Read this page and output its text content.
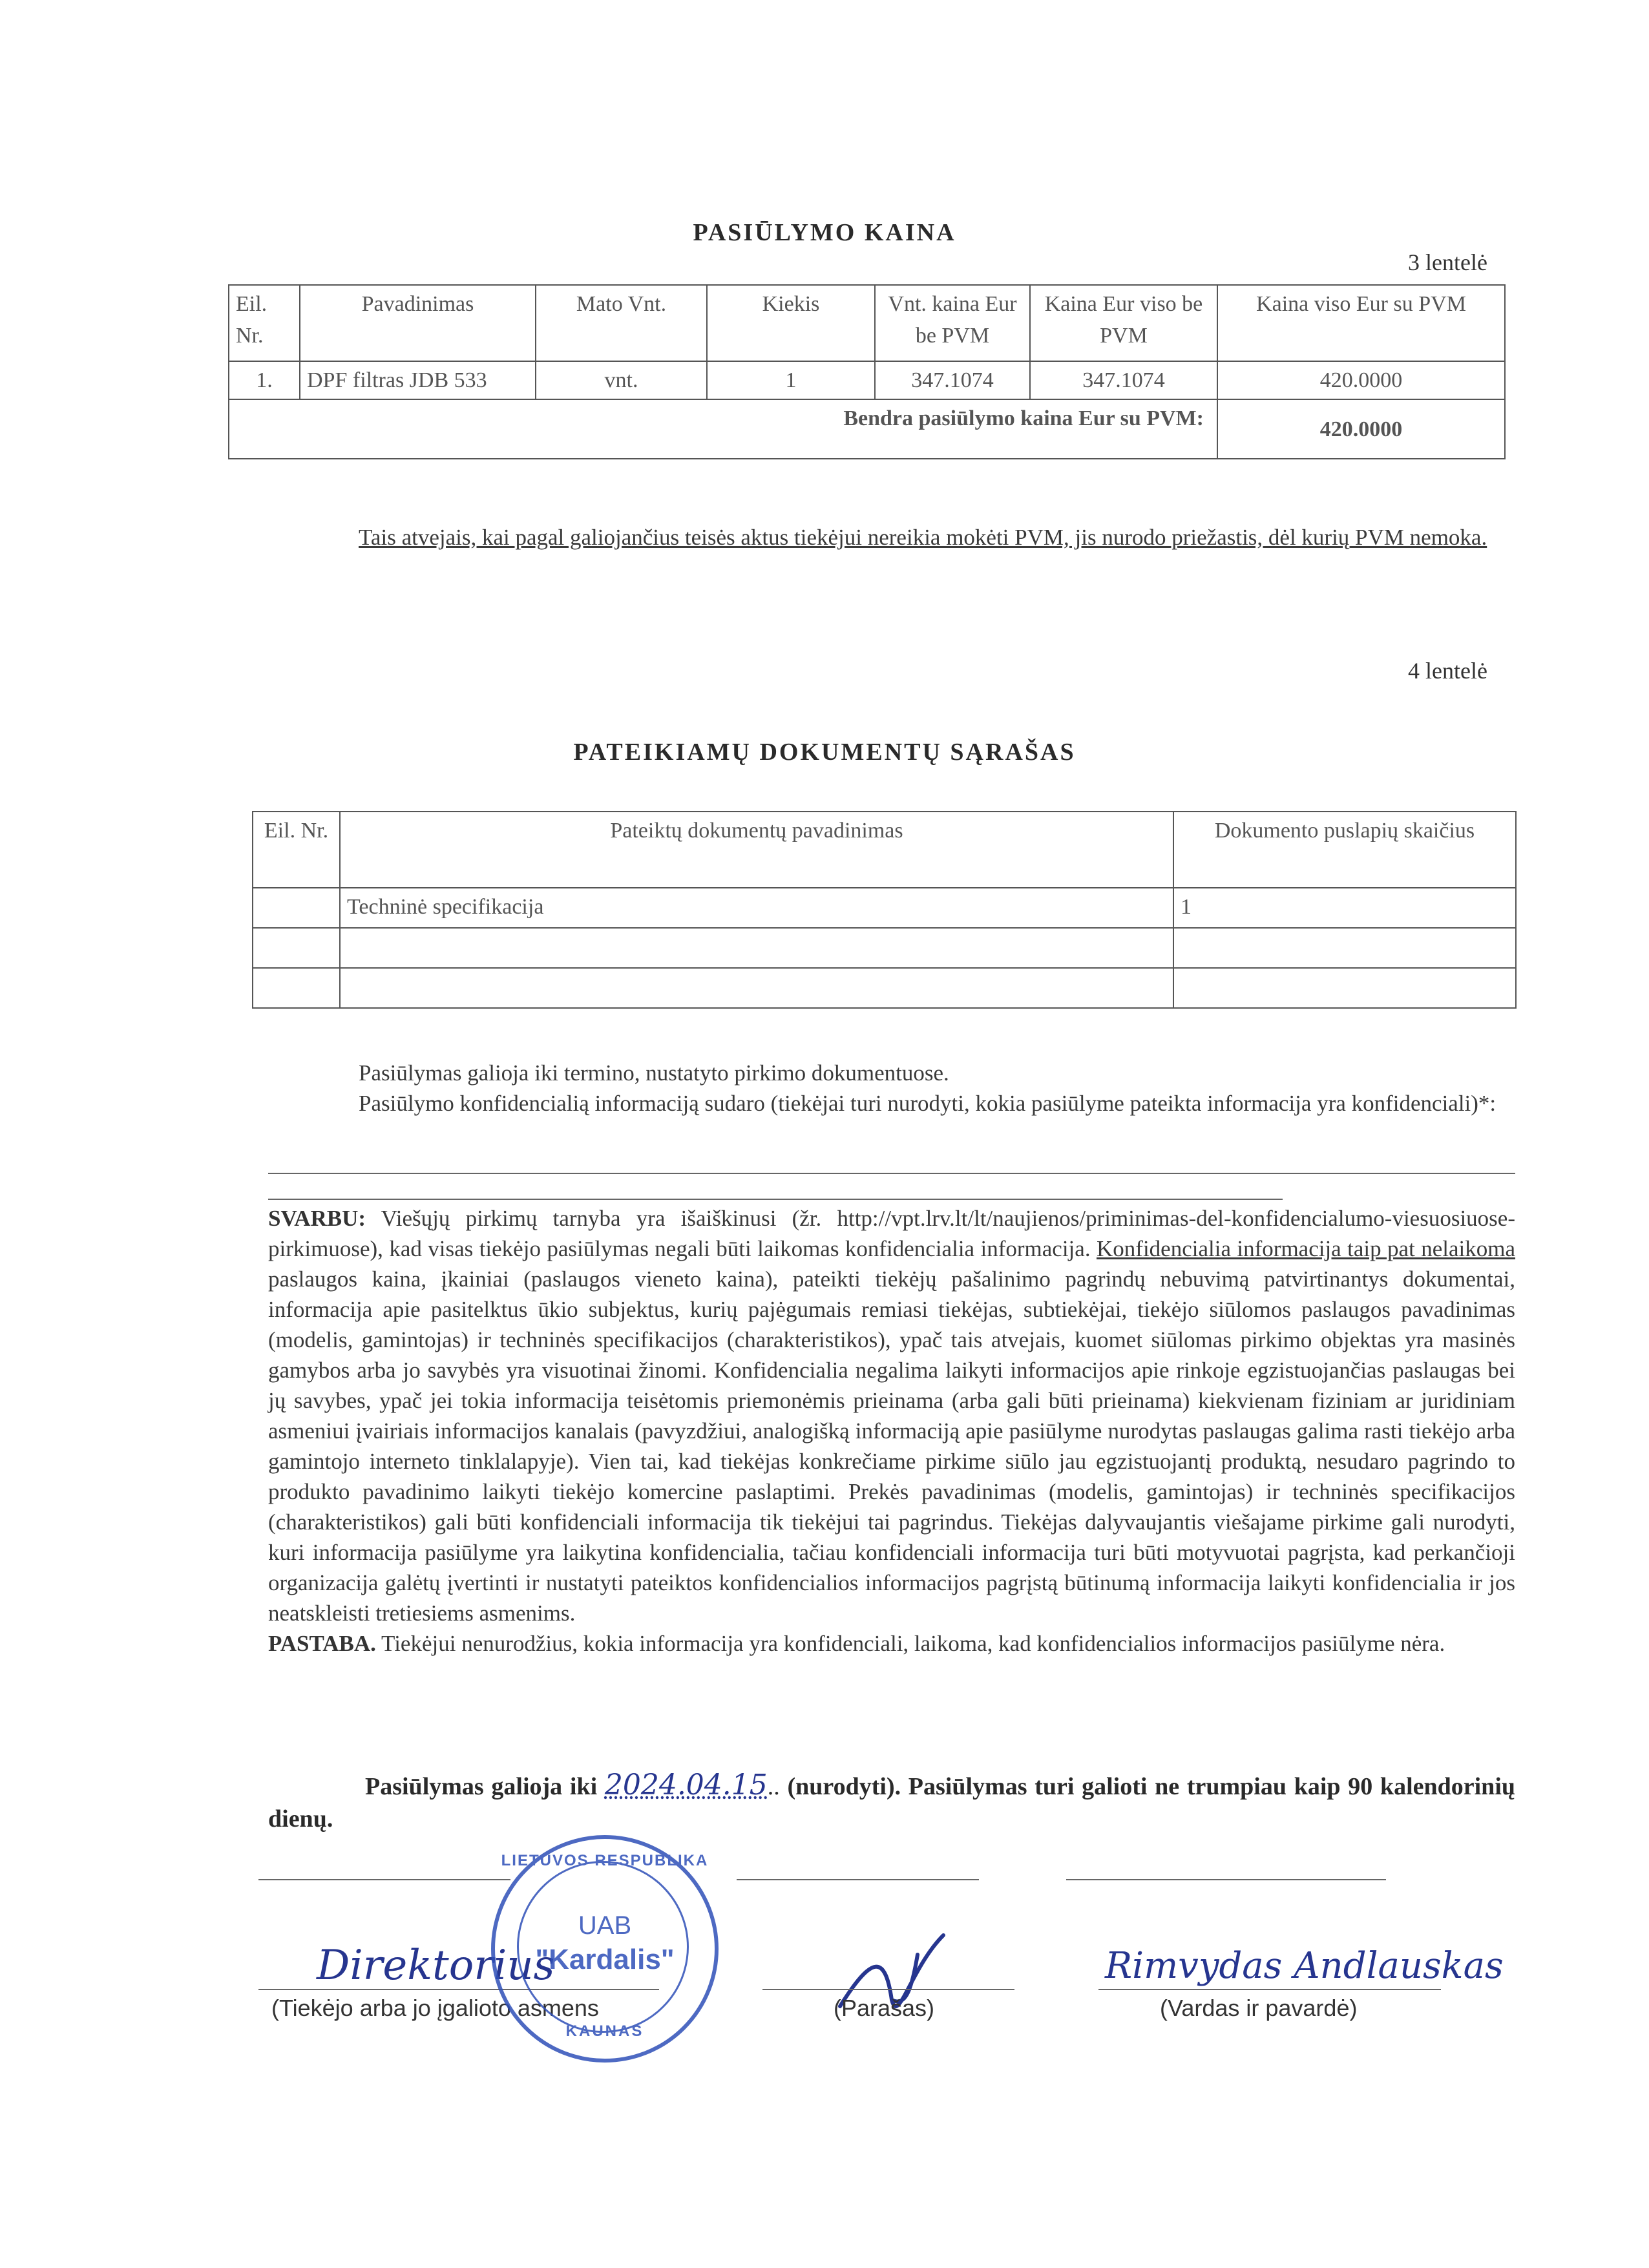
PASIŪLYMO KAINA
3 lentelė
Eil. Nr.	Pavadinimas	Mato Vnt.	Kiekis	Vnt. kaina Eur be PVM	Kaina Eur viso be PVM	Kaina viso Eur su PVM
1.	DPF filtras JDB 533	vnt.	1	347.1074	347.1074	420.0000
Bendra pasiūlymo kaina Eur su PVM:						420.0000
Tais atvejais, kai pagal galiojančius teisės aktus tiekėjui nereikia mokėti PVM, jis nurodo priežastis, dėl kurių PVM nemoka.
4 lentelė
PATEIKIAMŲ DOKUMENTŲ SĄRAŠAS
Eil. Nr.	Pateiktų dokumentų pavadinimas	Dokumento puslapių skaičius
	Techninė specifikacija	1

Pasiūlymas galioja iki termino, nustatyto pirkimo dokumentuose.
Pasiūlymo konfidencialią informaciją sudaro (tiekėjai turi nurodyti, kokia pasiūlyme pateikta informacija yra konfidenciali)*:
SVARBU: Viešųjų pirkimų tarnyba yra išaiškinusi (žr. http://vpt.lrv.lt/lt/naujienos/priminimas-del-konfidencialumo-viesuosiuose-pirkimuose), kad visas tiekėjo pasiūlymas negali būti laikomas konfidencialia informacija. Konfidencialia informacija taip pat nelaikoma paslaugos kaina, įkainiai (paslaugos vieneto kaina), pateikti tiekėjų pašalinimo pagrindų nebuvimą patvirtinantys dokumentai, informacija apie pasitelktus ūkio subjektus, kurių pajėgumais remiasi tiekėjas, subtiekėjai, tiekėjo siūlomos paslaugos pavadinimas (modelis, gamintojas) ir techninės specifikacijos (charakteristikos), ypač tais atvejais, kuomet siūlomas pirkimo objektas yra masinės gamybos arba jo savybės yra visuotinai žinomi. Konfidencialia negalima laikyti informacijos apie rinkoje egzistuojančias paslaugas bei jų savybes, ypač jei tokia informacija teisėtomis priemonėmis prieinama (arba gali būti prieinama) kiekvienam fiziniam ar juridiniam asmeniui įvairiais informacijos kanalais (pavyzdžiui, analogišką informaciją apie pasiūlyme nurodytas paslaugas galima rasti tiekėjo arba gamintojo interneto tinklalapyje). Vien tai, kad tiekėjas konkrečiame pirkime siūlo jau egzistuojantį produktą, nesudaro pagrindo to produkto pavadinimo laikyti tiekėjo komercine paslaptimi. Prekės pavadinimas (modelis, gamintojas) ir techninės specifikacijos (charakteristikos) gali būti konfidenciali informacija tik tiekėjui tai pagrindus. Tiekėjas dalyvaujantis viešajame pirkime gali nurodyti, kuri informacija pasiūlyme yra laikytina konfidencialia, tačiau konfidenciali informacija turi būti motyvuotai pagrįsta, kad perkančioji organizacija galėtų įvertinti ir nustatyti pateiktos konfidencialios informacijos pagrįstą būtinumą informacija laikyti konfidencialia ir jos neatskleisti tretiesiems asmenims.
PASTABA. Tiekėjui nenurodžius, kokia informacija yra konfidenciali, laikoma, kad konfidencialios informacijos pasiūlyme nėra.
Pasiūlymas galioja iki 2024.04.15.. (nurodyti). Pasiūlymas turi galioti ne trumpiau kaip 90 kalendorinių dienų.
Direktorius	Rimvydas Andlauskas
(Tiekėjo arba jo įgalioto asmens	(Parašas)	(Vardas ir pavardė)
LIETUVOS RESPUBLIKA
UAB
"Kardalis"
KAUNAS
